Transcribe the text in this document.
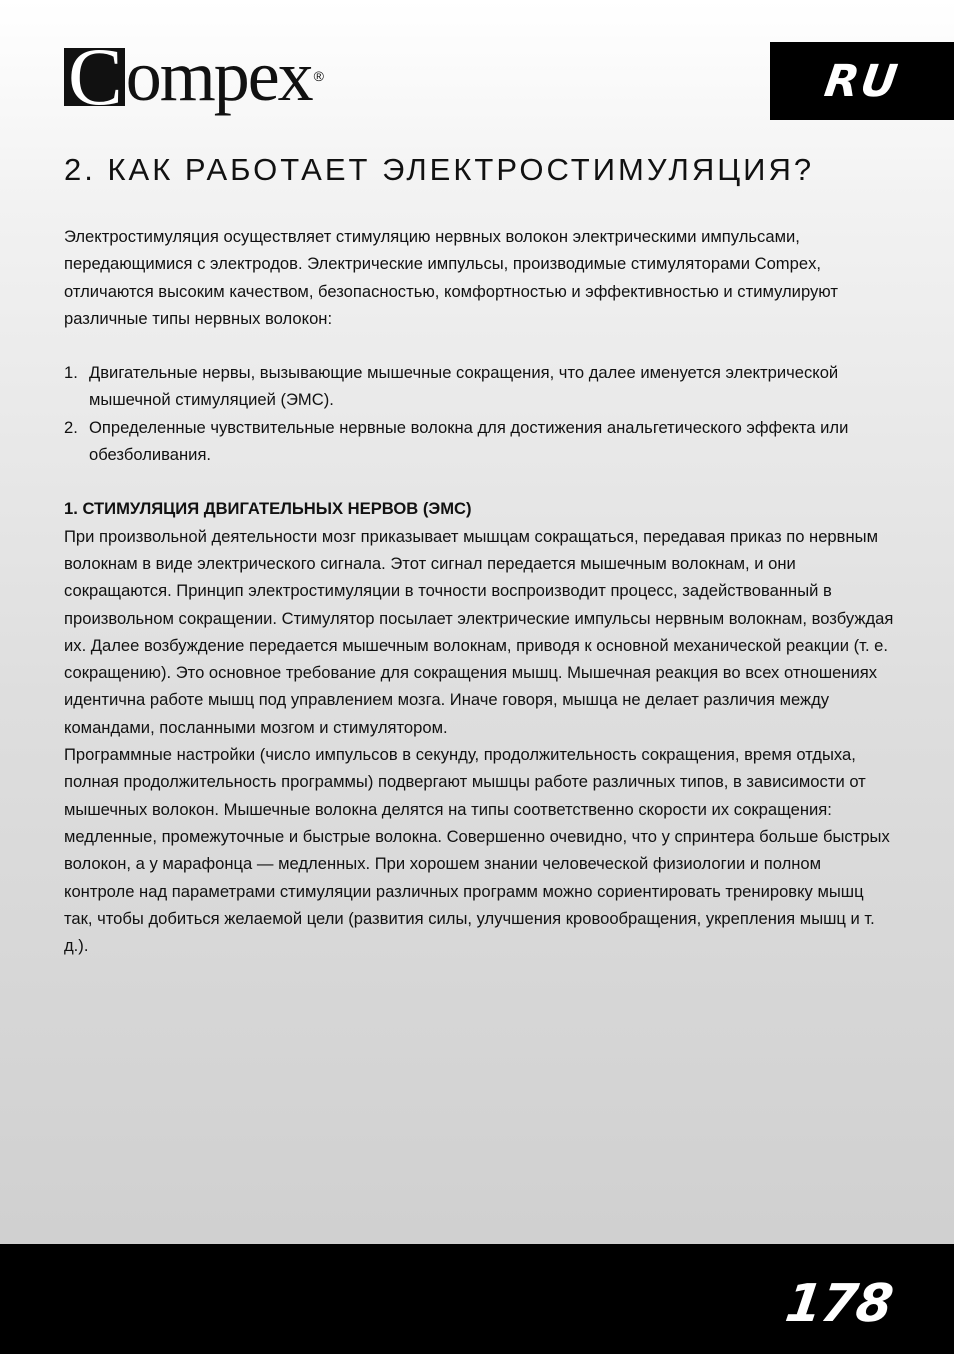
C ompex ®	RU
2. КАК РАБОТАЕТ ЭЛЕКТРОСТИМУЛЯЦИЯ?

Электростимуляция осуществляет стимуляцию нервных волокон электрическими импульсами, передающимися с электродов. Электрические импульсы, производимые стимуляторами Compex, отличаются высоким качеством, безопасностью, комфортностью и эффективностью и стимулируют различные типы нервных волокон:

1. Двигательные нервы, вызывающие мышечные сокращения, что далее именуется электрической мышечной стимуляцией (ЭМС).
2. Определенные чувствительные нервные волокна для достижения анальгетического эффекта или обезболивания.

1. СТИМУЛЯЦИЯ ДВИГАТЕЛЬНЫХ НЕРВОВ (ЭМС)

При произвольной деятельности мозг приказывает мышцам сокращаться, передавая приказ по нервным волокнам в виде электрического сигнала. Этот сигнал передается мышечным волокнам, и они сокращаются. Принцип электростимуляции в точности воспроизводит процесс, задействованный в произвольном сокращении. Стимулятор посылает электрические импульсы нервным волокнам, возбуждая их. Далее возбуждение передается мышечным волокнам, приводя к основной механической реакции (т. е. сокращению). Это основное требование для сокращения мышц. Мышечная реакция во всех отношениях идентична работе мышц под управлением мозга. Иначе говоря, мышца не делает различия между командами, посланными мозгом и стимулятором.

Программные настройки (число импульсов в секунду, продолжительность сокращения, время отдыха, полная продолжительность программы) подвергают мышцы работе различных типов, в зависимости от мышечных волокон. Мышечные волокна делятся на типы соответственно скорости их сокращения: медленные, промежуточные и быстрые волокна. Совершенно очевидно, что у спринтера больше быстрых волокон, а у марафонца — медленных. При хорошем знании человеческой физиологии и полном контроле над параметрами стимуляции различных программ можно сориентировать тренировку мышц так, чтобы добиться желаемой цели (развития силы, улучшения кровообращения, укрепления мышц и т. д.).

178
